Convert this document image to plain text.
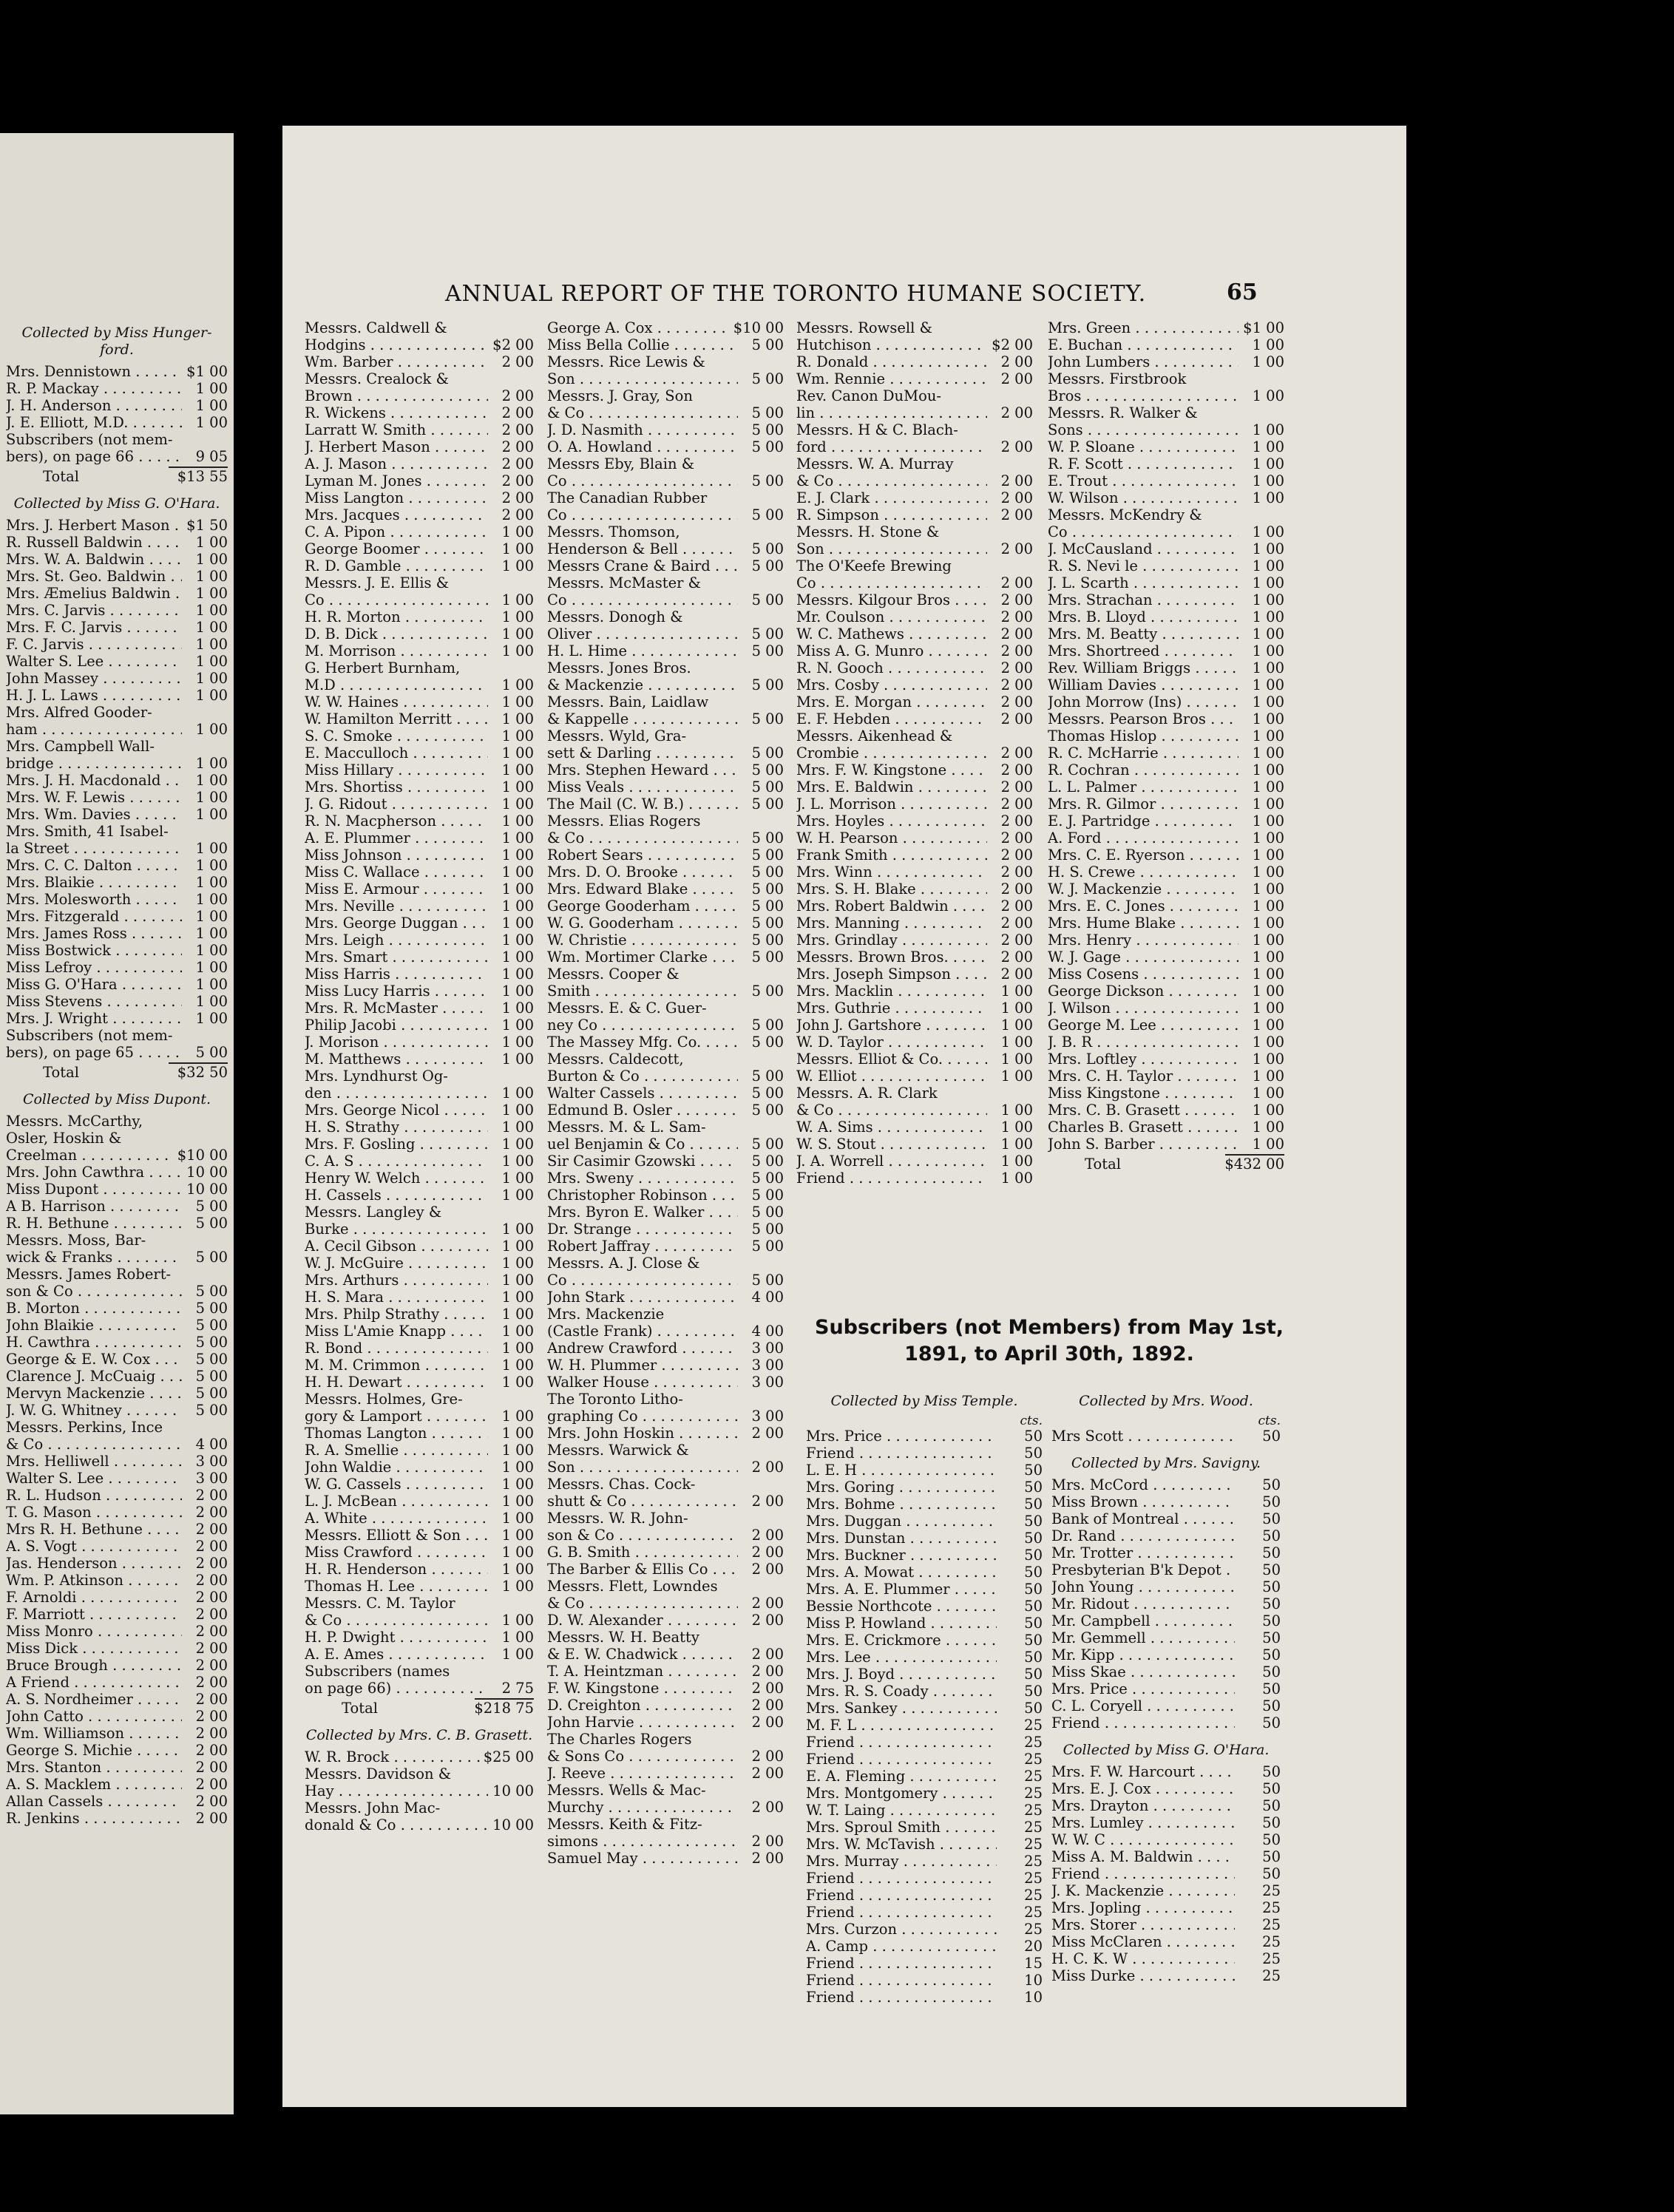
Collected by Miss Hunger- ford.
Mrs. Dennistown . . .	$1 00
R. P. Mackay . . .	1 00
J. H. Anderson . . .	1 00
J. E. Elliott, M.D. . . .	1 00
Subscribers (not mem-
bers), on page 66 . . .	9 05
Total	$13 55
Collected by Miss G. O'Hara.
Mrs. J. Herbert Mason . . .	$1 50
R. Russell Baldwin . . .	1 00
Mrs. W. A. Baldwin . . .	1 00
Mrs. St. Geo. Baldwin . . .	1 00
Mrs. Æmelius Baldwin . . .	1 00
Mrs. C. Jarvis . . .	1 00
Mrs. F. C. Jarvis . . .	1 00
F. C. Jarvis . . .	1 00
Walter S. Lee . . .	1 00
John Massey . . .	1 00
H. J. L. Laws . . .	1 00
Mrs. Alfred Gooder-
ham . . .	1 00
Mrs. Campbell Wall-
bridge . . .	1 00
Mrs. J. H. Macdonald . . .	1 00
Mrs. W. F. Lewis . . .	1 00
Mrs. Wm. Davies . . .	1 00
Mrs. Smith, 41 Isabel-
la Street . . .	1 00
Mrs. C. C. Dalton . . .	1 00
Mrs. Blaikie . . .	1 00
Mrs. Molesworth . . .	1 00
Mrs. Fitzgerald . . .	1 00
Mrs. James Ross . . .	1 00
Miss Bostwick . . .	1 00
Miss Lefroy . . .	1 00
Miss G. O'Hara . . .	1 00
Miss Stevens . . .	1 00
Mrs. J. Wright . . .	1 00
Subscribers (not mem-
bers), on page 65 . . .	5 00
Total	$32 50
Collected by Miss Dupont.
Messrs. McCarthy,
Osler, Hoskin &
Creelman . . .	$10 00
Mrs. John Cawthra . . .	10 00
Miss Dupont . . .	10 00
A B. Harrison . . .	5 00
R. H. Bethune . . .	5 00
Messrs. Moss, Bar-
wick & Franks . . .	5 00
Messrs. James Robert-
son & Co . . .	5 00
B. Morton . . .	5 00
John Blaikie . . .	5 00
H. Cawthra . . .	5 00
George & E. W. Cox . . .	5 00
Clarence J. McCuaig . . .	5 00
Mervyn Mackenzie . . .	5 00
J. W. G. Whitney . . .	5 00
Messrs. Perkins, Ince
& Co . . .	4 00
Mrs. Helliwell . . .	3 00
Walter S. Lee . . .	3 00
R. L. Hudson . . .	2 00
T. G. Mason . . .	2 00
Mrs R. H. Bethune . . .	2 00
A. S. Vogt . . .	2 00
Jas. Henderson . . .	2 00
Wm. P. Atkinson . . .	2 00
F. Arnoldi . . .	2 00
F. Marriott . . .	2 00
Miss Monro . . .	2 00
Miss Dick . . .	2 00
Bruce Brough . . .	2 00
A Friend . . .	2 00
A. S. Nordheimer . . .	2 00
John Catto . . .	2 00
Wm. Williamson . . .	2 00
George S. Michie . . .	2 00
Mrs. Stanton . . .	2 00
A. S. Macklem . . .	2 00
Allan Cassels . . .	2 00
R. Jenkins . . .	2 00
ANNUAL REPORT OF THE TORONTO HUMANE SOCIETY.	65
Messrs. Caldwell &
Hodgins . . .	$2 00
Wm. Barber . . .	2 00
Messrs. Crealock &
Brown . . .	2 00
R. Wickens . . .	2 00
Larratt W. Smith . . .	2 00
J. Herbert Mason . . .	2 00
A. J. Mason . . .	2 00
Lyman M. Jones . . .	2 00
Miss Langton . . .	2 00
Mrs. Jacques . . .	2 00
C. A. Pipon . . .	1 00
George Boomer . . .	1 00
R. D. Gamble . . .	1 00
Messrs. J. E. Ellis &
Co . . .	1 00
H. R. Morton . . .	1 00
D. B. Dick . . .	1 00
M. Morrison . . .	1 00
G. Herbert Burnham,
M.D . . .	1 00
W. W. Haines . . .	1 00
W. Hamilton Merritt . . .	1 00
S. C. Smoke . . .	1 00
E. Macculloch . . .	1 00
Miss Hillary . . .	1 00
Mrs. Shortiss . . .	1 00
J. G. Ridout . . .	1 00
R. N. Macpherson . . .	1 00
A. E. Plummer . . .	1 00
Miss Johnson . . .	1 00
Miss C. Wallace . . .	1 00
Miss E. Armour . . .	1 00
Mrs. Neville . . .	1 00
Mrs. George Duggan . . .	1 00
Mrs. Leigh . . .	1 00
Mrs. Smart . . .	1 00
Miss Harris . . .	1 00
Miss Lucy Harris . . .	1 00
Mrs. R. McMaster . . .	1 00
Philip Jacobi . . .	1 00
J. Morison . . .	1 00
M. Matthews . . .	1 00
Mrs. Lyndhurst Og-
den . . .	1 00
Mrs. George Nicol . . .	1 00
H. S. Strathy . . .	1 00
Mrs. F. Gosling . . .	1 00
C. A. S . . .	1 00
Henry W. Welch . . .	1 00
H. Cassels . . .	1 00
Messrs. Langley &
Burke . . .	1 00
A. Cecil Gibson . . .	1 00
W. J. McGuire . . .	1 00
Mrs. Arthurs . . .	1 00
H. S. Mara . . .	1 00
Mrs. Philp Strathy . . .	1 00
Miss L'Amie Knapp . . .	1 00
R. Bond . . .	1 00
M. M. Crimmon . . .	1 00
H. H. Dewart . . .	1 00
Messrs. Holmes, Gre-
gory & Lamport . . .	1 00
Thomas Langton . . .	1 00
R. A. Smellie . . .	1 00
John Waldie . . .	1 00
W. G. Cassels . . .	1 00
L. J. McBean . . .	1 00
A. White . . .	1 00
Messrs. Elliott & Son . . .	1 00
Miss Crawford . . .	1 00
H. R. Henderson . . .	1 00
Thomas H. Lee . . .	1 00
Messrs. C. M. Taylor
& Co . . .	1 00
H. P. Dwight . . .	1 00
A. E. Ames . . .	1 00
Subscribers (names
on page 66) . . .	2 75
Total	$218 75
Collected by Mrs. C. B. Grasett.
W. R. Brock . . .	$25 00
Messrs. Davidson &
Hay . . .	10 00
Messrs. John Mac-
donald & Co . . .	10 00
George A. Cox . . .	$10 00
Miss Bella Collie . . .	5 00
Messrs. Rice Lewis &
Son . . .	5 00
Messrs. J. Gray, Son
& Co . . .	5 00
J. D. Nasmith . . .	5 00
O. A. Howland . . .	5 00
Messrs Eby, Blain &
Co . . .	5 00
The Canadian Rubber
Co . . .	5 00
Messrs. Thomson,
Henderson & Bell . . .	5 00
Messrs Crane & Baird . . .	5 00
Messrs. McMaster &
Co . . .	5 00
Messrs. Donogh &
Oliver . . .	5 00
H. L. Hime . . .	5 00
Messrs. Jones Bros.
& Mackenzie . . .	5 00
Messrs. Bain, Laidlaw
& Kappelle . . .	5 00
Messrs. Wyld, Gra-
sett & Darling . . .	5 00
Mrs. Stephen Heward . . .	5 00
Miss Veals . . .	5 00
The Mail (C. W. B.) . . .	5 00
Messrs. Elias Rogers
& Co . . .	5 00
Robert Sears . . .	5 00
Mrs. D. O. Brooke . . .	5 00
Mrs. Edward Blake . . .	5 00
George Gooderham . . .	5 00
W. G. Gooderham . . .	5 00
W. Christie . . .	5 00
Wm. Mortimer Clarke . . .	5 00
Messrs. Cooper &
Smith . . .	5 00
Messrs. E. & C. Guer-
ney Co . . .	5 00
The Massey Mfg. Co. . . .	5 00
Messrs. Caldecott,
Burton & Co . . .	5 00
Walter Cassels . . .	5 00
Edmund B. Osler . . .	5 00
Messrs. M. & L. Sam-
uel Benjamin & Co . . .	5 00
Sir Casimir Gzowski . . .	5 00
Mrs. Sweny . . .	5 00
Christopher Robinson . . .	5 00
Mrs. Byron E. Walker . . .	5 00
Dr. Strange . . .	5 00
Robert Jaffray . . .	5 00
Messrs. A. J. Close &
Co . . .	5 00
John Stark . . .	4 00
Mrs. Mackenzie
(Castle Frank) . . .	4 00
Andrew Crawford . . .	3 00
W. H. Plummer . . .	3 00
Walker House . . .	3 00
The Toronto Litho-
graphing Co . . .	3 00
Mrs. John Hoskin . . .	2 00
Messrs. Warwick &
Son . . .	2 00
Messrs. Chas. Cock-
shutt & Co . . .	2 00
Messrs. W. R. John-
son & Co . . .	2 00
G. B. Smith . . .	2 00
The Barber & Ellis Co . . .	2 00
Messrs. Flett, Lowndes
& Co . . .	2 00
D. W. Alexander . . .	2 00
Messrs. W. H. Beatty
& E. W. Chadwick . . .	2 00
T. A. Heintzman . . .	2 00
F. W. Kingstone . . .	2 00
D. Creighton . . .	2 00
John Harvie . . .	2 00
The Charles Rogers
& Sons Co . . .	2 00
J. Reeve . . .	2 00
Messrs. Wells & Mac-
Murchy . . .	2 00
Messrs. Keith & Fitz-
simons . . .	2 00
Samuel May . . .	2 00
Messrs. Rowsell &
Hutchison . . .	$2 00
R. Donald . . .	2 00
Wm. Rennie . . .	2 00
Rev. Canon DuMou-
lin . . .	2 00
Messrs. H & C. Blach-
ford . . .	2 00
Messrs. W. A. Murray
& Co . . .	2 00
E. J. Clark . . .	2 00
R. Simpson . . .	2 00
Messrs. H. Stone &
Son . . .	2 00
The O'Keefe Brewing
Co . . .	2 00
Messrs. Kilgour Bros . . .	2 00
Mr. Coulson . . .	2 00
W. C. Mathews . . .	2 00
Miss A. G. Munro . . .	2 00
R. N. Gooch . . .	2 00
Mrs. Cosby . . .	2 00
Mrs. E. Morgan . . .	2 00
E. F. Hebden . . .	2 00
Messrs. Aikenhead &
Crombie . . .	2 00
Mrs. F. W. Kingstone . . .	2 00
Mrs. E. Baldwin . . .	2 00
J. L. Morrison . . .	2 00
Mrs. Hoyles . . .	2 00
W. H. Pearson . . .	2 00
Frank Smith . . .	2 00
Mrs. Winn . . .	2 00
Mrs. S. H. Blake . . .	2 00
Mrs. Robert Baldwin . . .	2 00
Mrs. Manning . . .	2 00
Mrs. Grindlay . . .	2 00
Messrs. Brown Bros. . . .	2 00
Mrs. Joseph Simpson . . .	2 00
Mrs. Macklin . . .	1 00
Mrs. Guthrie . . .	1 00
John J. Gartshore . . .	1 00
W. D. Taylor . . .	1 00
Messrs. Elliot & Co. . . .	1 00
W. Elliot . . .	1 00
Messrs. A. R. Clark
& Co . . .	1 00
W. A. Sims . . .	1 00
W. S. Stout . . .	1 00
J. A. Worrell . . .	1 00
Friend . . .	1 00
Mrs. Green . . .	$1 00
E. Buchan . . .	1 00
John Lumbers . . .	1 00
Messrs. Firstbrook
Bros . . .	1 00
Messrs. R. Walker &
Sons . . .	1 00
W. P. Sloane . . .	1 00
R. F. Scott . . .	1 00
E. Trout . . .	1 00
W. Wilson . . .	1 00
Messrs. McKendry &
Co . . .	1 00
J. McCausland . . .	1 00
R. S. Nevi le . . .	1 00
J. L. Scarth . . .	1 00
Mrs. Strachan . . .	1 00
Mrs. B. Lloyd . . .	1 00
Mrs. M. Beatty . . .	1 00
Mrs. Shortreed . . .	1 00
Rev. William Briggs . . .	1 00
William Davies . . .	1 00
John Morrow (Ins) . . .	1 00
Messrs. Pearson Bros . . .	1 00
Thomas Hislop . . .	1 00
R. C. McHarrie . . .	1 00
R. Cochran . . .	1 00
L. L. Palmer . . .	1 00
Mrs. R. Gilmor . . .	1 00
E. J. Partridge . . .	1 00
A. Ford . . .	1 00
Mrs. C. E. Ryerson . . .	1 00
H. S. Crewe . . .	1 00
W. J. Mackenzie . . .	1 00
Mrs. E. C. Jones . . .	1 00
Mrs. Hume Blake . . .	1 00
Mrs. Henry . . .	1 00
W. J. Gage . . .	1 00
Miss Cosens . . .	1 00
George Dickson . . .	1 00
J. Wilson . . .	1 00
George M. Lee . . .	1 00
J. B. R . . .	1 00
Mrs. Loftley . . .	1 00
Mrs. C. H. Taylor . . .	1 00
Miss Kingstone . . .	1 00
Mrs. C. B. Grasett . . .	1 00
Charles B. Grasett . . .	1 00
John S. Barber . . .	1 00
Total	$432 00
Subscribers (not Members) from May 1st, 1891, to April 30th, 1892.
Collected by Miss Temple.
cts.
Mrs. Price . . .	50
Friend . . .	50
L. E. H . . .	50
Mrs. Goring . . .	50
Mrs. Bohme . . .	50
Mrs. Duggan . . .	50
Mrs. Dunstan . . .	50
Mrs. Buckner . . .	50
Mrs. A. Mowat . . .	50
Mrs. A. E. Plummer . . .	50
Bessie Northcote . . .	50
Miss P. Howland . . .	50
Mrs. E. Crickmore . . .	50
Mrs. Lee . . .	50
Mrs. J. Boyd . . .	50
Mrs. R. S. Coady . . .	50
Mrs. Sankey . . .	50
M. F. L . . .	25
Friend . . .	25
Friend . . .	25
E. A. Fleming . . .	25
Mrs. Montgomery . . .	25
W. T. Laing . . .	25
Mrs. Sproul Smith . . .	25
Mrs. W. McTavish . . .	25
Mrs. Murray . . .	25
Friend . . .	25
Friend . . .	25
Friend . . .	25
Mrs. Curzon . . .	25
A. Camp . . .	20
Friend . . .	15
Friend . . .	10
Friend . . .	10
Collected by Mrs. Wood.
cts.
Mrs Scott . . .	50
Collected by Mrs. Savigny.
Mrs. McCord . . .	50
Miss Brown . . .	50
Bank of Montreal . . .	50
Dr. Rand . . .	50
Mr. Trotter . . .	50
Presbyterian B'k Depot . . .	50
John Young . . .	50
Mr. Ridout . . .	50
Mr. Campbell . . .	50
Mr. Gemmell . . .	50
Mr. Kipp . . .	50
Miss Skae . . .	50
Mrs. Price . . .	50
C. L. Coryell . . .	50
Friend . . .	50
Collected by Miss G. O'Hara.
Mrs. F. W. Harcourt . . .	50
Mrs. E. J. Cox . . .	50
Mrs. Drayton . . .	50
Mrs. Lumley . . .	50
W. W. C . . .	50
Miss A. M. Baldwin . . .	50
Friend . . .	50
J. K. Mackenzie . . .	25
Mrs. Jopling . . .	25
Mrs. Storer . . .	25
Miss McClaren . . .	25
H. C. K. W . . .	25
Miss Durke . . .	25
